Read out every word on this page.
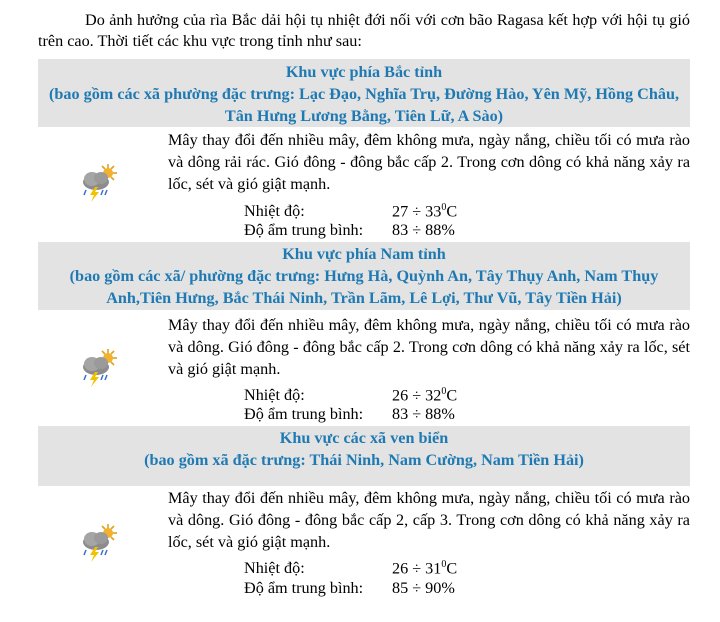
Do ảnh hưởng của rìa Bắc dải hội tụ nhiệt đới nối với cơn bão Ragasa kết hợp với hội tụ gió trên cao. Thời tiết các khu vực trong tỉnh như sau:

Khu vực phía Bắc tỉnh

(bao gồm các xã phường đặc trưng: Lạc Đạo, Nghĩa Trụ, Đường Hào, Yên Mỹ, Hồng Châu, Tân Hưng Lương Bằng, Tiên Lữ, A Sào)

Mây thay đổi đến nhiều mây, đêm không mưa, ngày nắng, chiều tối có mưa rào và dông rải rác. Gió đông - đông bắc cấp 2. Trong cơn dông có khả năng xảy ra lốc, sét và gió giật mạnh.

Nhiệt độ:	$27 \div 33^0C$
Độ ẩm trung bình: 83 ÷ 88%

Khu vực phía Nam tỉnh

(bao gồm các xã/ phường đặc trưng: Hưng Hà, Quỳnh An, Tây Thụy Anh, Nam Thụy Anh,Tiên Hưng, Bắc Thái Ninh, Trần Lãm, Lê Lợi, Thư Vũ, Tây Tiền Hải)

Mây thay đổi đến nhiều mây, đêm không mưa, ngày nắng, chiều tối có mưa rào và dông. Gió đông - đông bắc cấp 2. Trong cơn dông có khả năng xảy ra lốc, sét và gió giật mạnh.

Nhiệt độ:	$26 \div 32^0C$
Độ ẩm trung bình: 83 ÷ 88%

Khu vực các xã ven biển

(bao gồm xã đặc trưng: Thái Ninh, Nam Cường, Nam Tiền Hải)

Mây thay đổi đến nhiều mây, đêm không mưa, ngày nắng, chiều tối có mưa rào và dông. Gió đông - đông bắc cấp 2, cấp 3. Trong cơn dông có khả năng xảy ra lốc, sét và gió giật mạnh.

Nhiệt độ:	$26 \div 31^0C$
Độ ẩm trung bình: 85 ÷ 90%
